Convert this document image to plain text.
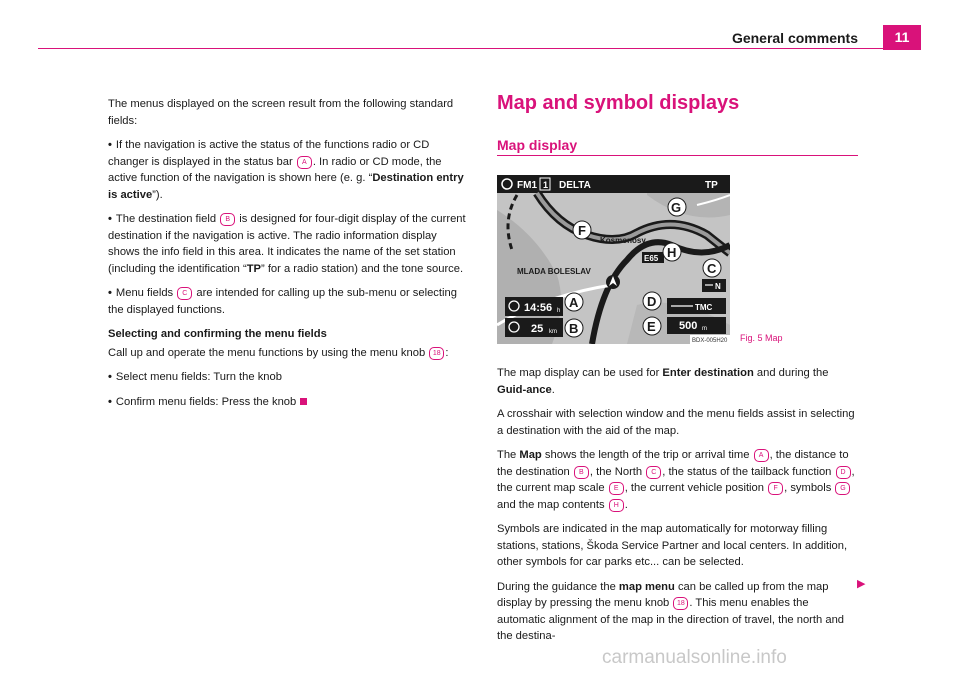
General comments	11

The menus displayed on the screen result from the following standard fields:

• If the navigation is active the status of the functions radio or CD changer is displayed in the status bar A . In radio or CD mode, the active function of the navigation is shown here (e. g. “Destination entry is active”).

• The destination field B is designed for four-digit display of the current destination if the navigation is active. The radio information display shows the info field in this area. It indicates the name of the set station (including the identification “TP” for a radio station) and the tone source.

• Menu fields C are intended for calling up the sub-menu or selecting the displayed functions.

Selecting and confirming the menu fields

Call up and operate the menu functions by using the menu knob 18 :

• Select menu fields: Turn the knob

• Confirm menu fields: Press the knob

Map and symbol displays
Map display
FM1 1 DELTA	TP
Kosmonosy
MLADA BOLESLAV
E65
14:56 h
25 km
N
TMC
500 m
BDX-005H20
A
B
C
D
E
F
G
H
Fig. 5 Map

The map display can be used for Enter destination and during the Guid-ance.

A crosshair with selection window and the menu fields assist in selecting a destination with the aid of the map.

The Map shows the length of the trip or arrival time A , the distance to the destination B , the North C , the status of the tailback function D , the current map scale E , the current vehicle position F , symbols G and the map contents H .

Symbols are indicated in the map automatically for motorway filling stations, stations, Škoda Service Partner and local centers. In addition, other symbols for car parks etc... can be selected.

During the guidance the map menu can be called up from the map display by pressing the menu knob 18 . This menu enables the automatic alignment of the map in the direction of travel, the north and the destina-

▶
carmanualsonline.info
